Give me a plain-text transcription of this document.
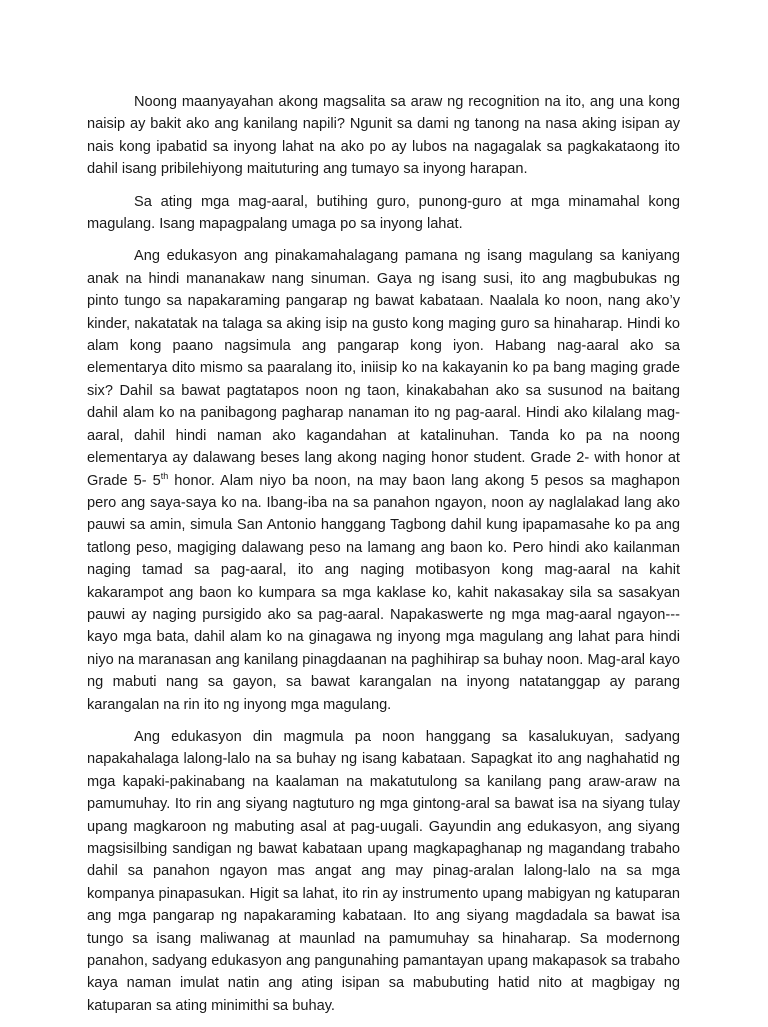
Noong maanyayahan akong magsalita sa araw ng recognition na ito, ang una kong naisip ay bakit ako ang kanilang napili? Ngunit sa dami ng tanong na nasa aking isipan ay nais kong ipabatid sa inyong lahat na ako po ay lubos na nagagalak sa pagkakataong ito dahil isang pribilehiyong maituturing ang tumayo sa inyong harapan.

Sa ating mga mag-aaral, butihing guro, punong-guro at mga minamahal kong magulang. Isang mapagpalang umaga po sa inyong lahat.

Ang edukasyon ang pinakamahalagang pamana ng isang magulang sa kaniyang anak na hindi mananakaw nang sinuman. Gaya ng isang susi, ito ang magbubukas ng pinto tungo sa napakaraming pangarap ng bawat kabataan. Naalala ko noon, nang ako’y kinder, nakatatak na talaga sa aking isip na gusto kong maging guro sa hinaharap. Hindi ko alam kong paano nagsimula ang pangarap kong iyon. Habang nag-aaral ako sa elementarya dito mismo sa paaralang ito, iniisip ko na kakayanin ko pa bang maging grade six? Dahil sa bawat pagtatapos noon ng taon, kinakabahan ako sa susunod na baitang dahil alam ko na panibagong pagharap nanaman ito ng pag-aaral. Hindi ako kilalang mag-aaral, dahil hindi naman ako kagandahan at katalinuhan. Tanda ko pa na noong elementarya ay dalawang beses lang akong naging honor student. Grade 2- with honor at Grade 5- 5th honor. Alam niyo ba noon, na may baon lang akong 5 pesos sa maghapon pero ang saya-saya ko na. Ibang-iba na sa panahon ngayon, noon ay naglalakad lang ako pauwi sa amin, simula San Antonio hanggang Tagbong dahil kung ipapamasahe ko pa ang tatlong peso, magiging dalawang peso na lamang ang baon ko. Pero hindi ako kailanman naging tamad sa pag-aaral, ito ang naging motibasyon kong mag-aaral na kahit kakarampot ang baon ko kumpara sa mga kaklase ko, kahit nakasakay sila sa sasakyan pauwi ay naging pursigido ako sa pag-aaral. Napakaswerte ng mga mag-aaral ngayon---kayo mga bata, dahil alam ko na ginagawa ng inyong mga magulang ang lahat para hindi niyo na maranasan ang kanilang pinagdaanan na paghihirap sa buhay noon. Mag-aral kayo ng mabuti nang sa gayon, sa bawat karangalan na inyong natatanggap ay parang karangalan na rin ito ng inyong mga magulang.

Ang edukasyon din magmula pa noon hanggang sa kasalukuyan, sadyang napakahalaga lalong-lalo na sa buhay ng isang kabataan. Sapagkat ito ang naghahatid ng mga kapaki-pakinabang na kaalaman na makatutulong sa kanilang pang araw-araw na pamumuhay. Ito rin ang siyang nagtuturo ng mga gintong-aral sa bawat isa na siyang tulay upang magkaroon ng mabuting asal at pag-uugali. Gayundin ang edukasyon, ang siyang magsisilbing sandigan ng bawat kabataan upang magkapaghanap ng magandang trabaho dahil sa panahon ngayon mas angat ang may pinag-aralan lalong-lalo na sa mga kompanya pinapasukan. Higit sa lahat, ito rin ay instrumento upang mabigyan ng katuparan ang mga pangarap ng napakaraming kabataan. Ito ang siyang magdadala sa bawat isa tungo sa isang maliwanag at maunlad na pamumuhay sa hinaharap. Sa modernong panahon, sadyang edukasyon ang pangunahing pamantayan upang makapasok sa trabaho kaya naman imulat natin ang ating isipan sa mabubuting hatid nito at magbigay ng katuparan sa ating minimithi sa buhay.
